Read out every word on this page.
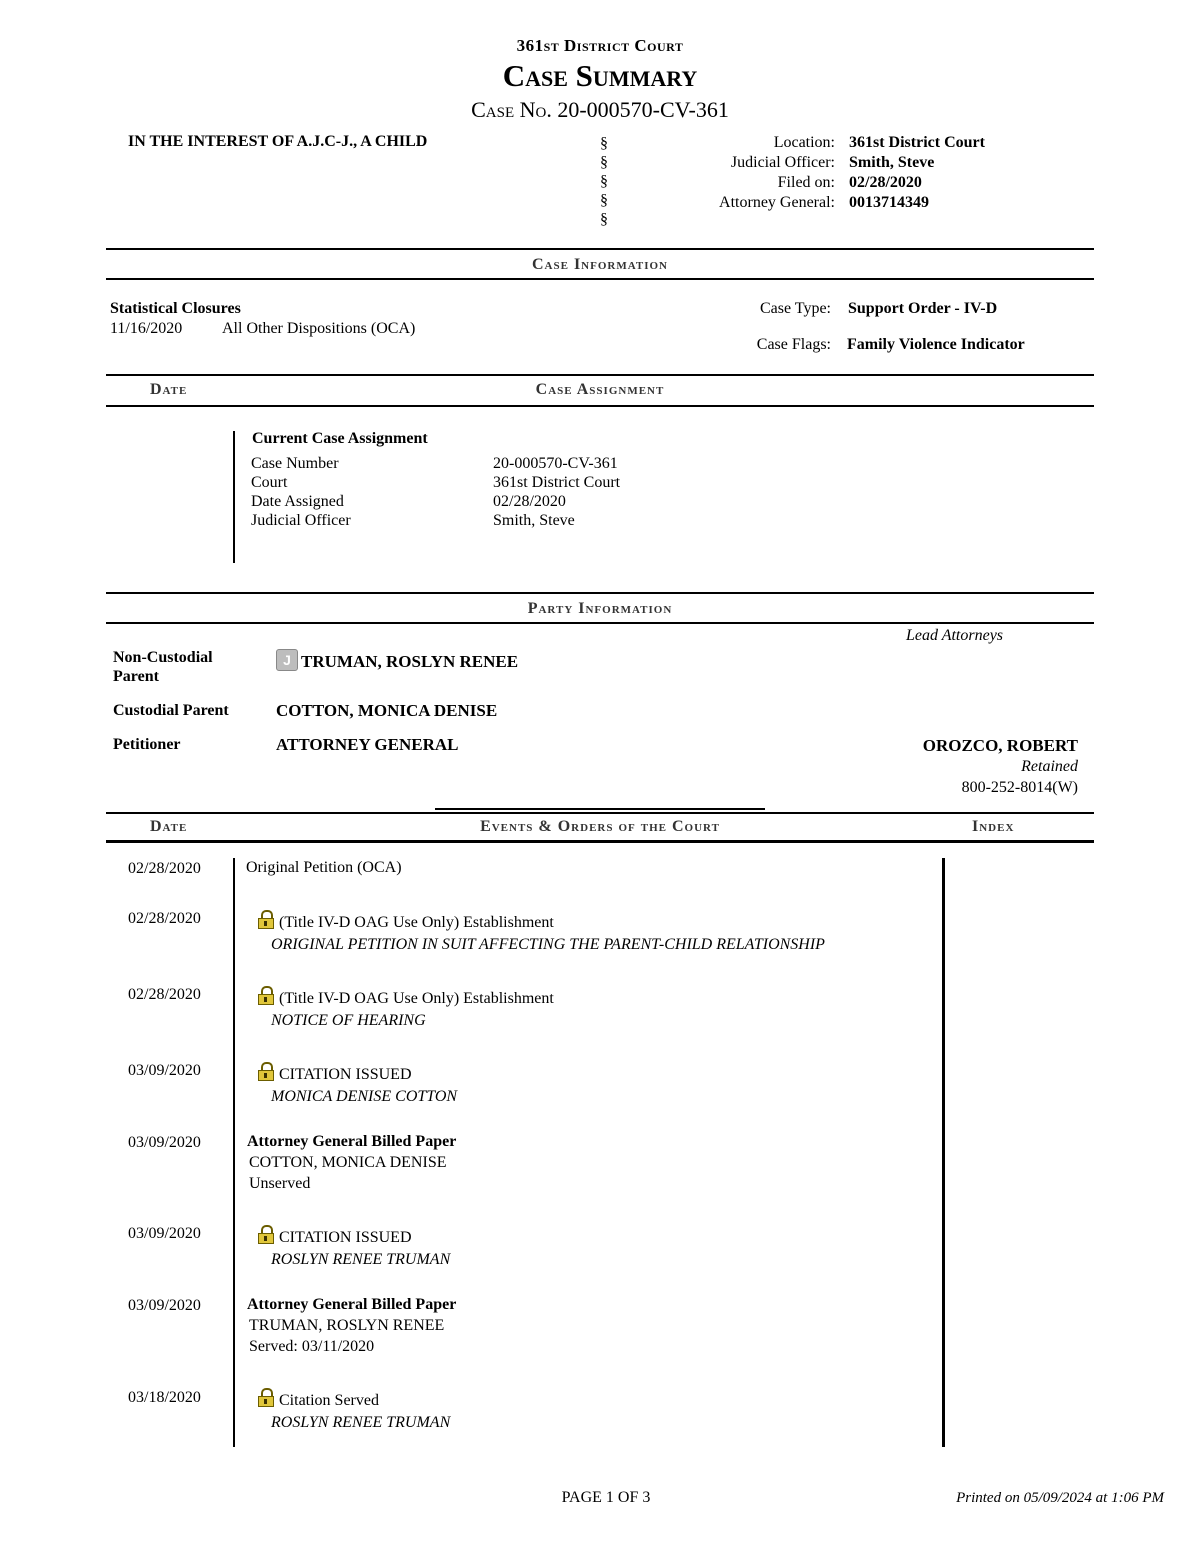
361st District Court
Case Summary
Case No. 20-000570-CV-361
IN THE INTEREST OF A.J.C-J., A CHILD	§
§
§
§
§
Location: 361st District Court
Judicial Officer: Smith, Steve
Filed on: 02/28/2020
Attorney General: 0013714349
Case Information
Statistical Closures
11/16/2020 All Other Dispositions (OCA)
Case Type: Support Order - IV-D
Case Flags: Family Violence Indicator
Date	Case Assignment
Current Case Assignment
Case Number	20-000570-CV-361
Court	361st District Court
Date Assigned	02/28/2020
Judicial Officer	Smith, Steve
Party Information
Lead Attorneys
Non-Custodial
Parent
J TRUMAN, ROSLYN RENEE
Custodial Parent	COTTON, MONICA DENISE
Petitioner	ATTORNEY GENERAL	OROZCO, ROBERT
Retained
800-252-8014(W)
Date	Events & Orders of the Court	Index
02/28/2020	Original Petition (OCA)
02/28/2020	(Title IV-D OAG Use Only) Establishment
ORIGINAL PETITION IN SUIT AFFECTING THE PARENT-CHILD RELATIONSHIP
02/28/2020	(Title IV-D OAG Use Only) Establishment
NOTICE OF HEARING
03/09/2020	CITATION ISSUED
MONICA DENISE COTTON
03/09/2020	Attorney General Billed Paper
COTTON, MONICA DENISE
Unserved
03/09/2020	CITATION ISSUED
ROSLYN RENEE TRUMAN
03/09/2020	Attorney General Billed Paper
TRUMAN, ROSLYN RENEE
Served: 03/11/2020
03/18/2020	Citation Served
ROSLYN RENEE TRUMAN
PAGE 1 OF 3	Printed on 05/09/2024 at 1:06 PM
